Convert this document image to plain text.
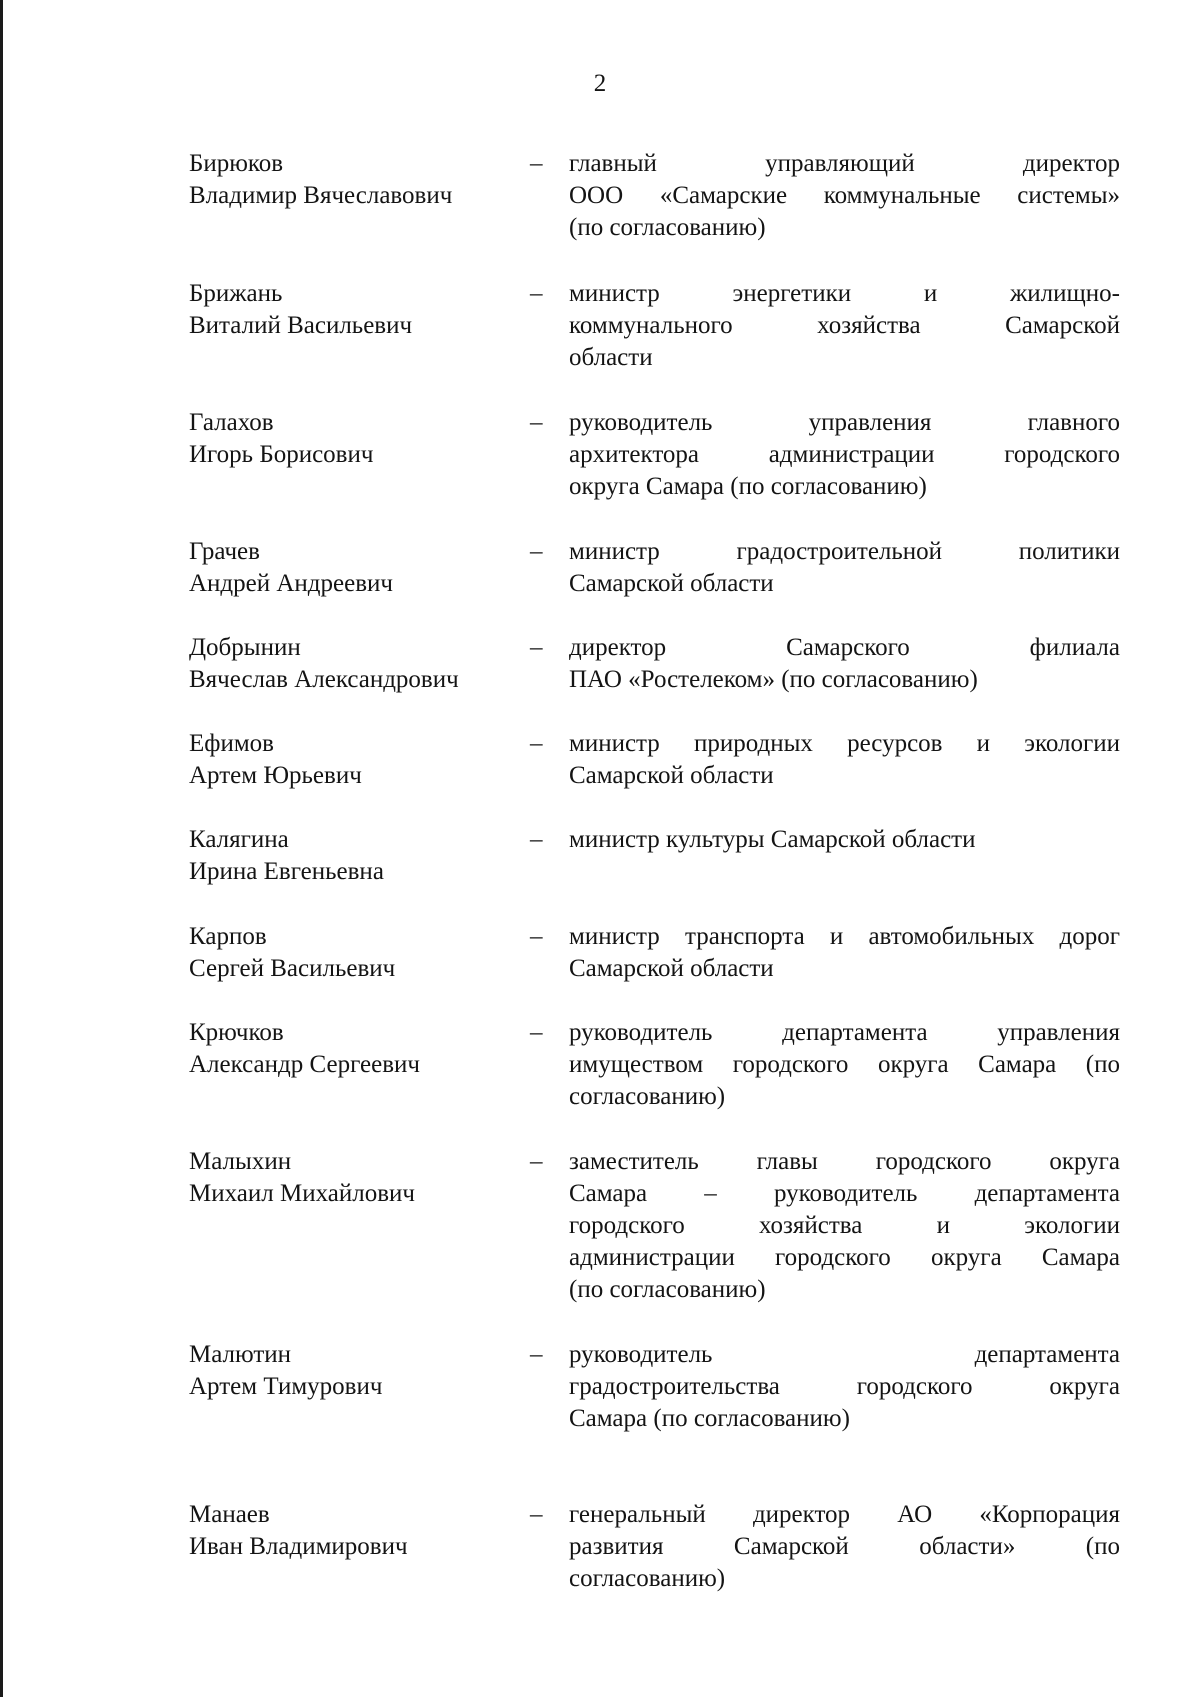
2
Бирюков
Владимир Вячеславович
– главный управляющий директор
ООО «Самарские коммунальные системы»
(по согласованию)
Брижань
Виталий Васильевич
– министр энергетики и жилищно-
коммунального хозяйства Самарской
области
Галахов
Игорь Борисович
– руководитель управления главного
архитектора администрации городского
округа Самара (по согласованию)
Грачев
Андрей Андреевич
– министр градостроительной политики
Самарской области
Добрынин
Вячеслав Александрович
– директор Самарского филиала
ПАО «Ростелеком» (по согласованию)
Ефимов
Артем Юрьевич
– министр природных ресурсов и экологии
Самарской области
Калягина
Ирина Евгеньевна
– министр культуры Самарской области
Карпов
Сергей Васильевич
– министр транспорта и автомобильных дорог
Самарской области
Крючков
Александр Сергеевич
– руководитель департамента управления
имуществом городского округа Самара (по
согласованию)
Малыхин
Михаил Михайлович
– заместитель главы городского округа
Самара – руководитель департамента
городского хозяйства и экологии
администрации городского округа Самара
(по согласованию)
Малютин
Артем Тимурович
– руководитель департамента
градостроительства городского округа
Самара (по согласованию)
Манаев
Иван Владимирович
– генеральный директор АО «Корпорация
развития Самарской области» (по
согласованию)
